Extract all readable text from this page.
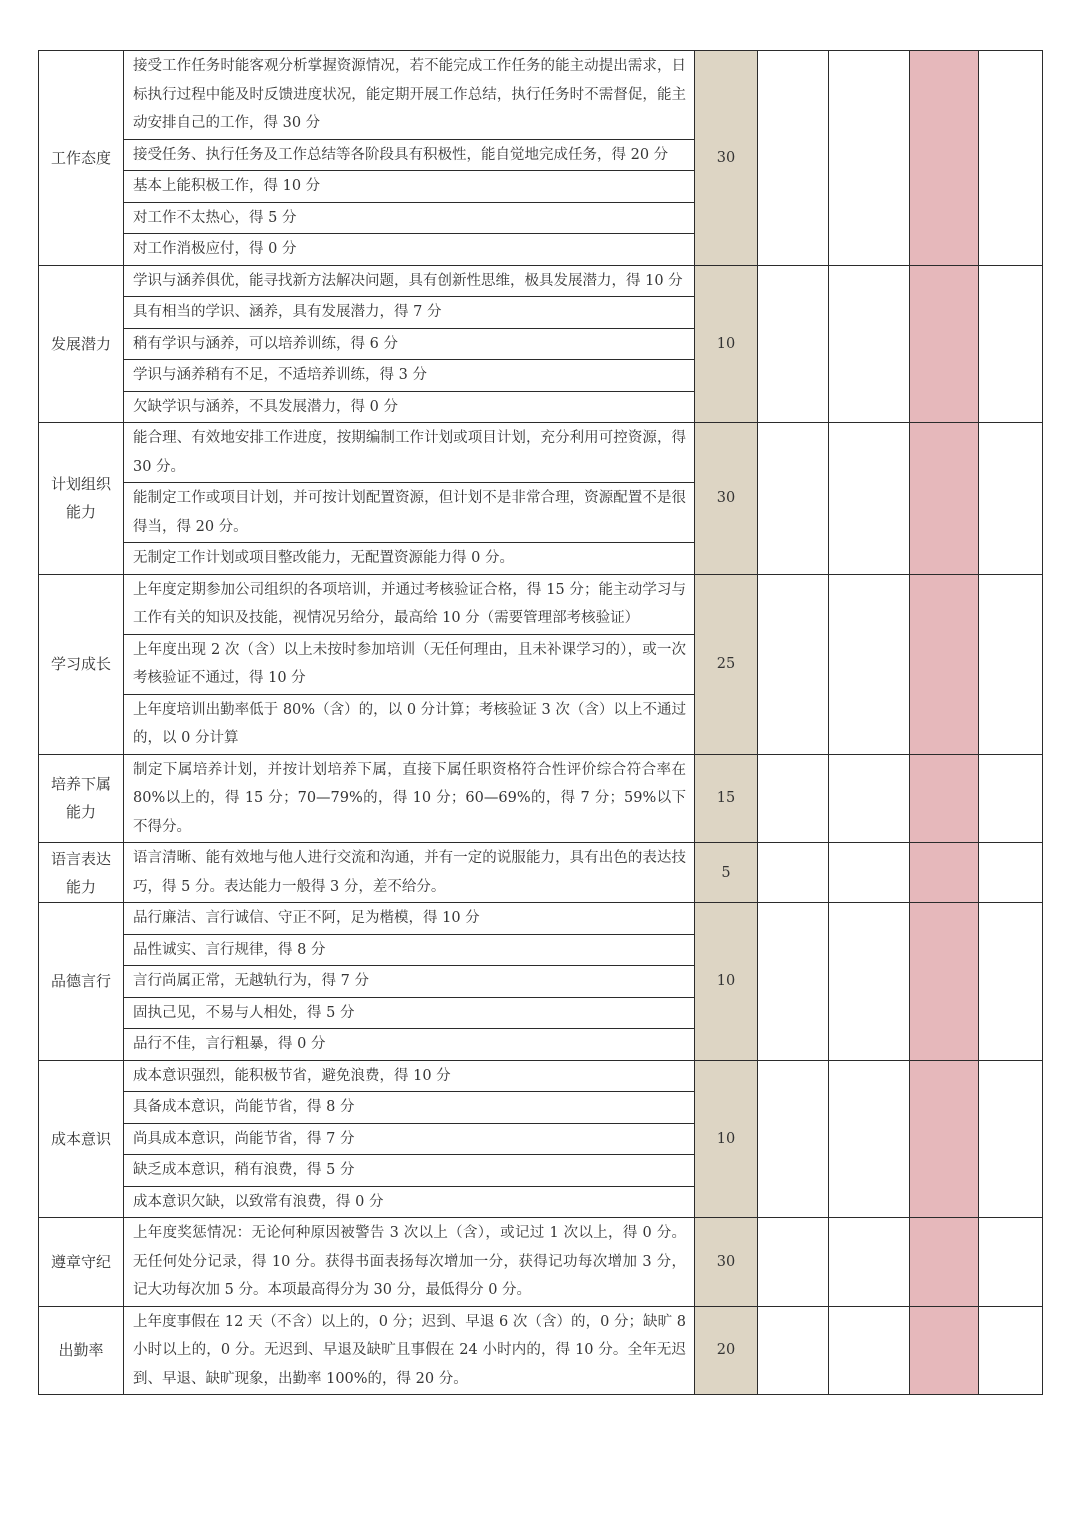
工作态度	接受工作任务时能客观分析掌握资源情况，若不能完成工作任务的能主动提出需求，日标执行过程中能及时反馈进度状况，能定期开展工作总结，执行任务时不需督促，能主动安排自己的工作，得 30 分
接受任务、执行任务及工作总结等各阶段具有积极性，能自觉地完成任务，得 20 分
基本上能积极工作，得 10 分
对工作不太热心，得 5 分
对工作消极应付，得 0 分	30				
发展潜力	学识与涵养俱优，能寻找新方法解决问题，具有创新性思维，极具发展潜力，得 10 分
具有相当的学识、涵养，具有发展潜力，得 7 分
稍有学识与涵养，可以培养训练，得 6 分
学识与涵养稍有不足，不适培养训练，得 3 分
欠缺学识与涵养，不具发展潜力，得 0 分	10				
计划组织能力	能合理、有效地安排工作进度，按期编制工作计划或项目计划，充分利用可控资源，得 30 分。
能制定工作或项目计划，并可按计划配置资源，但计划不是非常合理，资源配置不是很得当，得 20 分。
无制定工作计划或项目整改能力，无配置资源能力得 0 分。	30				
学习成长	上年度定期参加公司组织的各项培训，并通过考核验证合格，得 15 分；能主动学习与工作有关的知识及技能，视情况另给分，最高给 10 分（需要管理部考核验证）
上年度出现 2 次（含）以上未按时参加培训（无任何理由，且未补课学习的），或一次考核验证不通过，得 10 分
上年度培训出勤率低于 80%（含）的，以 0 分计算；考核验证 3 次（含）以上不通过的，以 0 分计算	25				
培养下属能力	制定下属培养计划，并按计划培养下属，直接下属任职资格符合性评价综合符合率在 80%以上的，得 15 分；70—79%的，得 10 分；60—69%的，得 7 分；59%以下不得分。	15				
语言表达能力	语言清晰、能有效地与他人进行交流和沟通，并有一定的说服能力，具有出色的表达技巧，得 5 分。表达能力一般得 3 分，差不给分。	5				
品德言行	品行廉洁、言行诚信、守正不阿，足为楷模，得 10 分
品性诚实、言行规律，得 8 分
言行尚属正常，无越轨行为，得 7 分
固执己见，不易与人相处，得 5 分
品行不佳，言行粗暴，得 0 分	10				
成本意识	成本意识强烈，能积极节省，避免浪费，得 10 分
具备成本意识，尚能节省，得 8 分
尚具成本意识，尚能节省，得 7 分
缺乏成本意识，稍有浪费，得 5 分
成本意识欠缺，以致常有浪费，得 0 分	10				
遵章守纪	上年度奖惩情况：无论何种原因被警告 3 次以上（含），或记过 1 次以上，得 0 分。无任何处分记录，得 10 分。获得书面表扬每次增加一分，获得记功每次增加 3 分，记大功每次加 5 分。本项最高得分为 30 分，最低得分 0 分。	30				
出勤率	上年度事假在 12 天（不含）以上的，0 分；迟到、早退 6 次（含）的，0 分；缺旷 8 小时以上的，0 分。无迟到、早退及缺旷且事假在 24 小时内的，得 10 分。全年无迟到、早退、缺旷现象，出勤率 100%的，得 20 分。	20				
